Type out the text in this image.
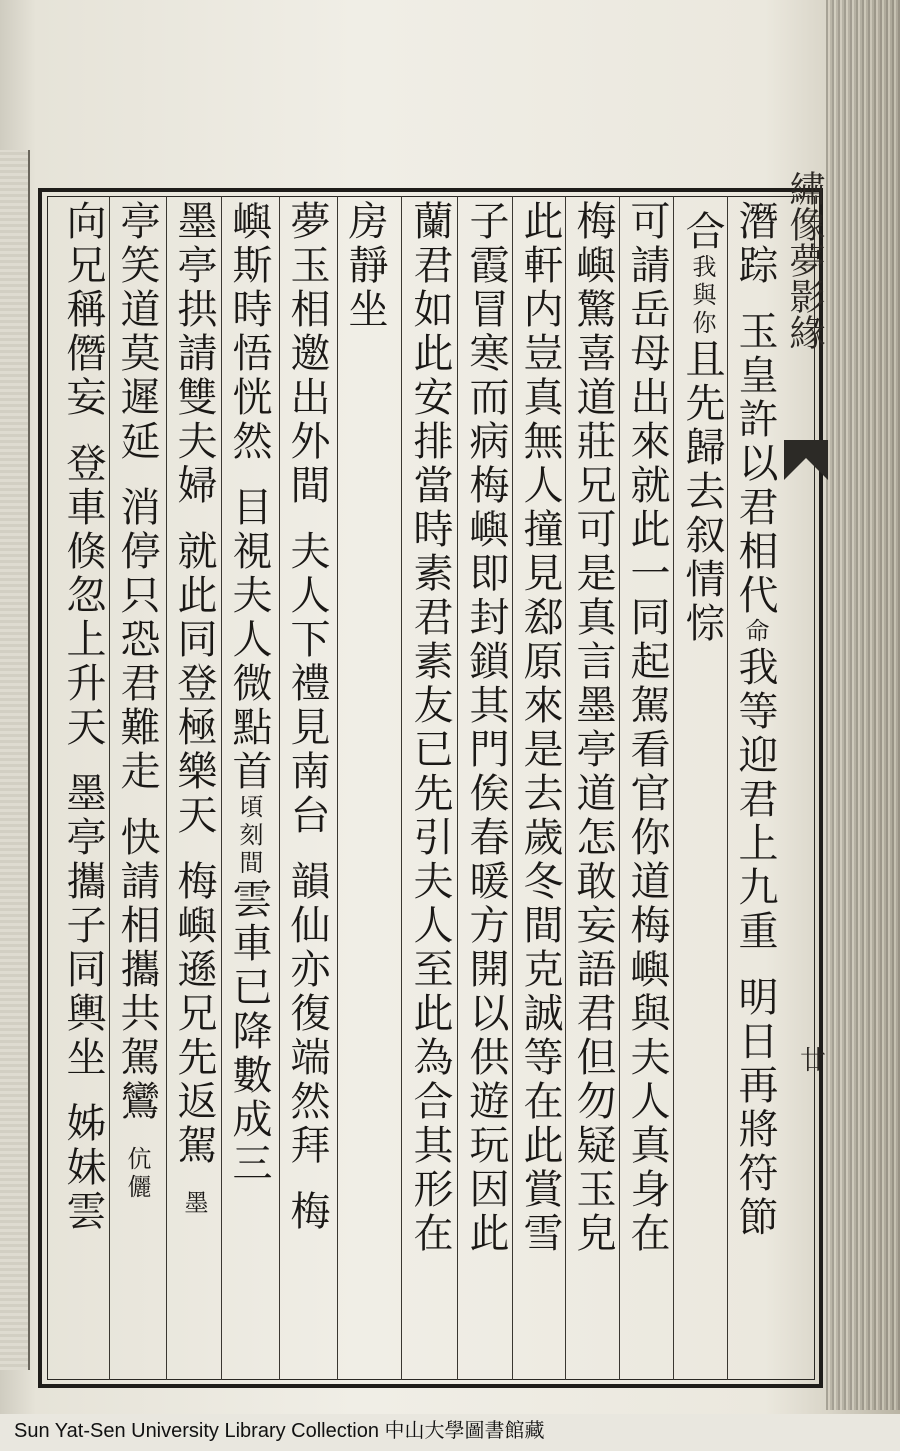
繡像夢影緣
廿
潛踪玉皇許以君相代命我等迎君上九重明日再將符節
合我與你且先歸去叙情悰
可請岳母出來就此一同起駕看官你道梅嶼與夫人真身在
梅嶼驚喜道莊兄可是真言墨亭道怎敢妄語君但勿疑玉皃
此軒内豈真無人撞見郄原來是去歲冬間克誠等在此賞雪
子霞冒寒而病梅嶼即封鎖其門俟春暖方開以供遊玩因此
蘭君如此安排當時素君素友已先引夫人至此為合其形在
房靜坐
夢玉相邀出外間夫人下禮見南台韻仙亦復端然拜梅
嶼斯時悟恍然目視夫人微點首頃刻間雲車已降數成三
墨亭拱請雙夫婦就此同登極樂天梅嶼遜兄先返駕墨
亭笑道莫遲延消停只恐君難走快請相攜共駕鸞伉儷
向兄稱僭妄登車倏忽上升天墨亭攜子同輿坐姊妹雲
Sun Yat-Sen University Library Collection 中山大學圖書館藏
